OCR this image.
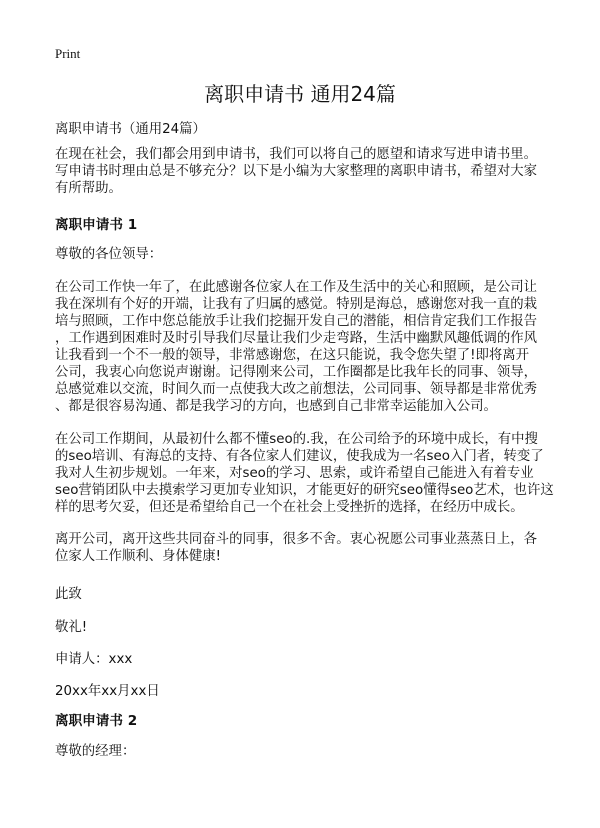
Print
离职申请书 通用24篇
离职申请书（通用24篇）
在现在社会，我们都会用到申请书，我们可以将自己的愿望和请求写进申请书里。
写申请书时理由总是不够充分？以下是小编为大家整理的离职申请书，希望对大家
有所帮助。
离职申请书 1
尊敬的各位领导：
在公司工作快一年了，在此感谢各位家人在工作及生活中的关心和照顾，是公司让
我在深圳有个好的开端，让我有了归属的感觉。特别是海总，感谢您对我一直的栽
培与照顾，工作中您总能放手让我们挖掘开发自己的潜能，相信肯定我们工作报告
，工作遇到困难时及时引导我们尽量让我们少走弯路，生活中幽默风趣低调的作风
让我看到一个不一般的领导，非常感谢您，在这只能说，我令您失望了!即将离开
公司，我衷心向您说声谢谢。记得刚来公司，工作圈都是比我年长的同事、领导，
总感觉难以交流，时间久而一点使我大改之前想法，公司同事、领导都是非常优秀
、都是很容易沟通、都是我学习的方向，也感到自己非常幸运能加入公司。
在公司工作期间，从最初什么都不懂seo的.我，在公司给予的环境中成长，有中搜
的seo培训、有海总的支持、有各位家人们建议，使我成为一名seo入门者，转变了
我对人生初步规划。一年来，对seo的学习、思索，或许希望自己能进入有着专业
seo营销团队中去摸索学习更加专业知识，才能更好的研究seo懂得seo艺术，也许这
样的思考欠妥，但还是希望给自己一个在社会上受挫折的选择，在经历中成长。
离开公司，离开这些共同奋斗的同事，很多不舍。衷心祝愿公司事业蒸蒸日上，各
位家人工作顺利、身体健康!
此致
敬礼!
申请人：xxx
20xx年xx月xx日
离职申请书 2
尊敬的经理：
